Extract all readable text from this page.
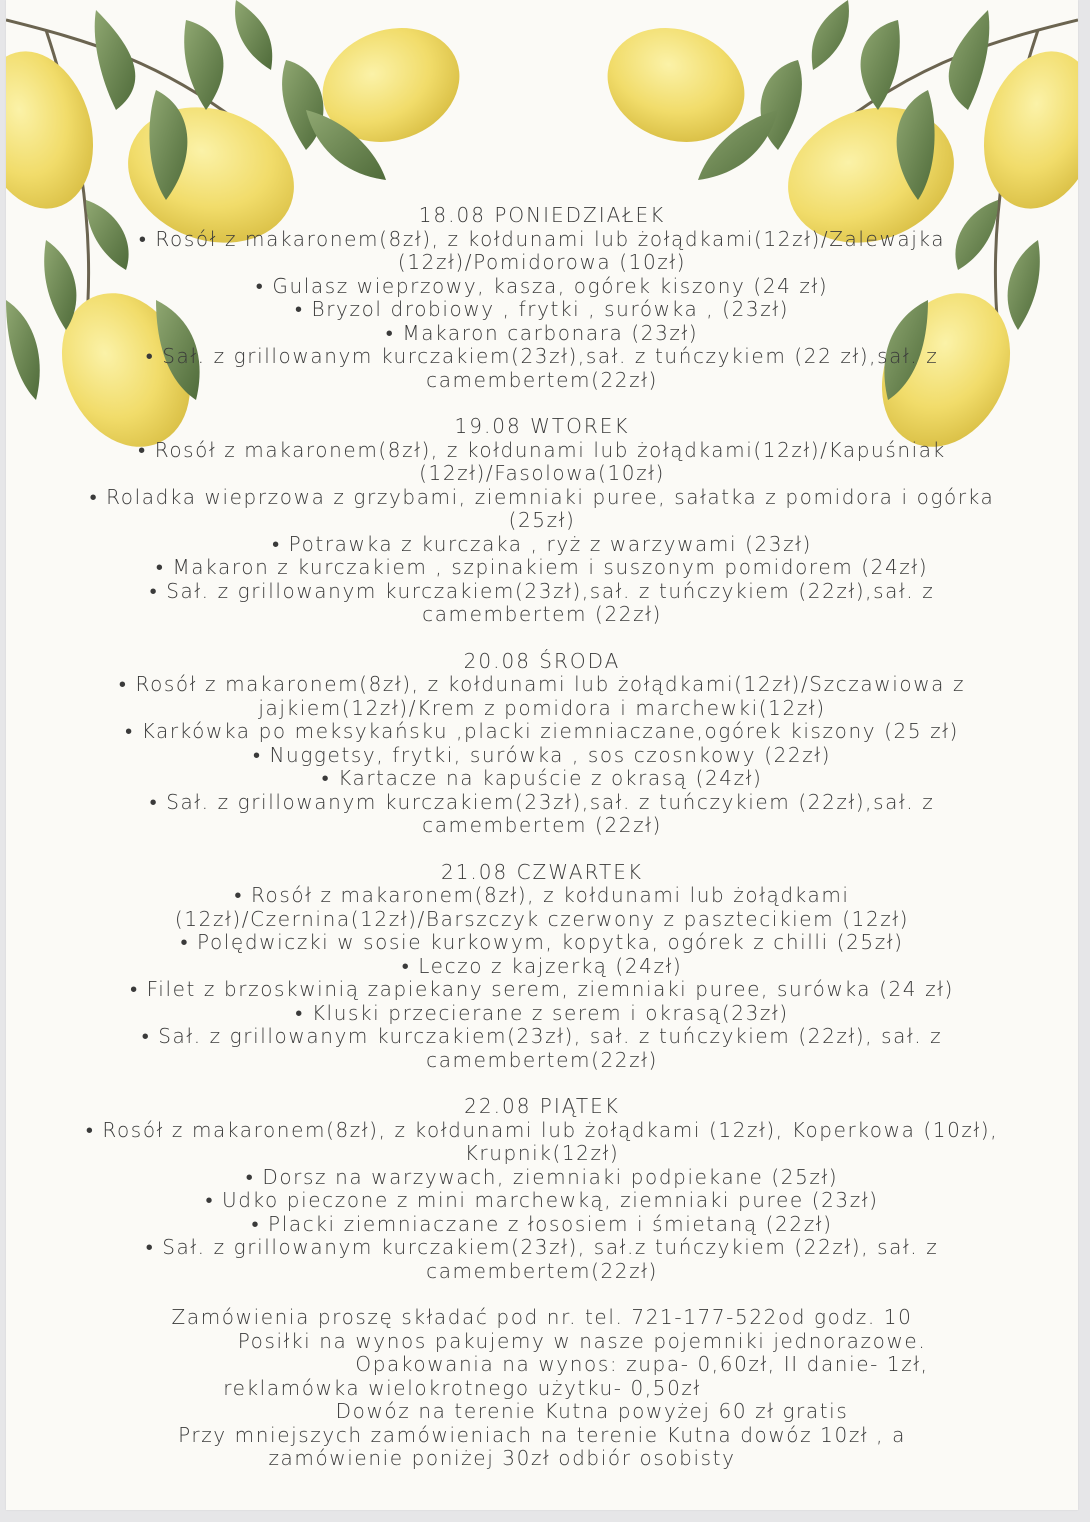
18.08 PONIEDZIAŁEK
• Rosół z makaronem(8zł), z kołdunami lub żołądkami(12zł)/Zalewajka (12zł)/Pomidorowa (10zł)
• Gulasz wieprzowy, kasza, ogórek kiszony (24 zł)
• Bryzol drobiowy , frytki , surówka , (23zł)
• Makaron carbonara (23zł)
• Sał. z grillowanym kurczakiem(23zł),sał. z tuńczykiem (22 zł),sał. z camembertem(22zł)
19.08 WTOREK
• Rosół z makaronem(8zł), z kołdunami lub żołądkami(12zł)/Kapuśniak (12zł)/Fasolowa(10zł)
• Roladka wieprzowa z grzybami, ziemniaki puree, sałatka z pomidora i ogórka (25zł)
• Potrawka z kurczaka , ryż z warzywami (23zł)
• Makaron z kurczakiem , szpinakiem i suszonym pomidorem (24zł)
• Sał. z grillowanym kurczakiem(23zł),sał. z tuńczykiem (22zł),sał. z camembertem (22zł)
20.08 ŚRODA
• Rosół z makaronem(8zł), z kołdunami lub żołądkami(12zł)/Szczawiowa z jajkiem(12zł)/Krem z pomidora i marchewki(12zł)
• Karkówka po meksykańsku ,placki ziemniaczane,ogórek kiszony (25 zł)
• Nuggetsy, frytki, surówka , sos czosnkowy (22zł)
• Kartacze na kapuście z okrasą (24zł)
• Sał. z grillowanym kurczakiem(23zł),sał. z tuńczykiem (22zł),sał. z camembertem (22zł)
21.08 CZWARTEK
• Rosół z makaronem(8zł), z kołdunami lub żołądkami (12zł)/Czernina(12zł)/Barszczyk czerwony z pasztecikiem (12zł)
• Polędwiczki w sosie kurkowym, kopytka, ogórek z chilli (25zł)
• Leczo z kajzerką (24zł)
• Filet z brzoskwinią zapiekany serem, ziemniaki puree, surówka (24 zł)
• Kluski przecierane z serem i okrasą(23zł)
• Sał. z grillowanym kurczakiem(23zł), sał. z tuńczykiem (22zł), sał. z camembertem(22zł)
22.08 PIĄTEK
• Rosół z makaronem(8zł), z kołdunami lub żołądkami (12zł), Koperkowa (10zł), Krupnik(12zł)
• Dorsz na warzywach, ziemniaki podpiekane (25zł)
• Udko pieczone z mini marchewką, ziemniaki puree (23zł)
• Placki ziemniaczane z łososiem i śmietaną (22zł)
• Sał. z grillowanym kurczakiem(23zł), sał.z tuńczykiem (22zł), sał. z camembertem(22zł)
Zamówienia proszę składać pod nr. tel. 721-177-522od godz. 10
Posiłki na wynos pakujemy w nasze pojemniki jednorazowe.
Opakowania na wynos: zupa- 0,60zł, II danie- 1zł,
reklamówka wielokrotnego użytku- 0,50zł
Dowóz na terenie Kutna powyżej 60 zł gratis
Przy mniejszych zamówieniach na terenie Kutna dowóz 10zł , a
zamówienie poniżej 30zł odbiór osobisty
